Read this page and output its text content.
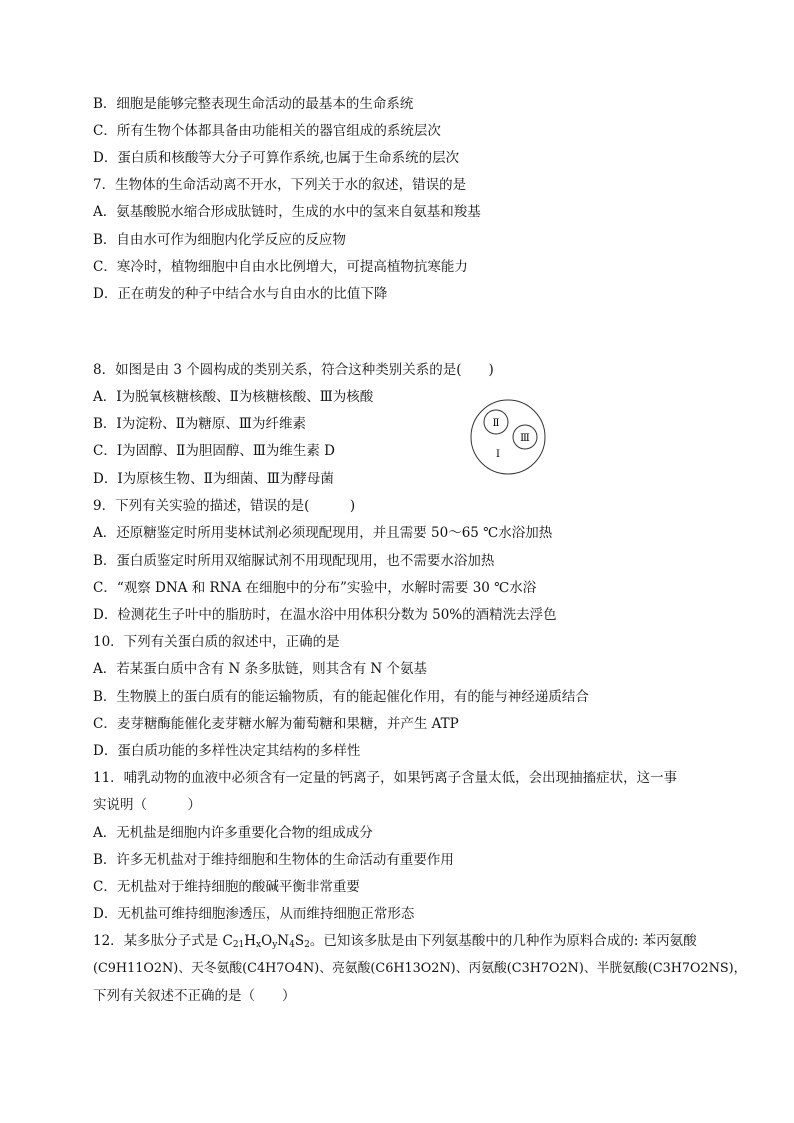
B．细胞是能够完整表现生命活动的最基本的生命系统
C．所有生物个体都具备由功能相关的器官组成的系统层次
D．蛋白质和核酸等大分子可算作系统,也属于生命系统的层次
7．生物体的生命活动离不开水，下列关于水的叙述，错误的是
A．氨基酸脱水缩合形成肽链时，生成的水中的氢来自氨基和羧基
B．自由水可作为细胞内化学反应的反应物
C．寒冷时，植物细胞中自由水比例增大，可提高植物抗寒能力
D．正在萌发的种子中结合水与自由水的比值下降
8．如图是由 3 个圆构成的类别关系，符合这种类别关系的是(　　)
A．Ⅰ为脱氧核糖核酸、Ⅱ为核糖核酸、Ⅲ为核酸
B．Ⅰ为淀粉、Ⅱ为糖原、Ⅲ为纤维素
C．Ⅰ为固醇、Ⅱ为胆固醇、Ⅲ为维生素 D
D．Ⅰ为原核生物、Ⅱ为细菌、Ⅲ为酵母菌
Ⅱ
Ⅲ
Ⅰ
9．下列有关实验的描述，错误的是(　　　)
A．还原糖鉴定时所用斐林试剂必须现配现用，并且需要 50～65 ℃水浴加热
B．蛋白质鉴定时所用双缩脲试剂不用现配现用，也不需要水浴加热
C．“观察 DNA 和 RNA 在细胞中的分布”实验中，水解时需要 30 ℃水浴
D．检测花生子叶中的脂肪时，在温水浴中用体积分数为 50%的酒精洗去浮色
10．下列有关蛋白质的叙述中，正确的是
A．若某蛋白质中含有 N 条多肽链，则其含有 N 个氨基
B．生物膜上的蛋白质有的能运输物质，有的能起催化作用，有的能与神经递质结合
C．麦芽糖酶能催化麦芽糖水解为葡萄糖和果糖，并产生 ATP
D．蛋白质功能的多样性决定其结构的多样性
11．哺乳动物的血液中必须含有一定量的钙离子，如果钙离子含量太低，会出现抽搐症状，这一事
实说明（　　　）
A．无机盐是细胞内许多重要化合物的组成成分
B．许多无机盐对于维持细胞和生物体的生命活动有重要作用
C．无机盐对于维持细胞的酸碱平衡非常重要
D．无机盐可维持细胞渗透压，从而维持细胞正常形态
12．某多肽分子式是 $C_{21}H_xO_yN_4S_2$。已知该多肽是由下列氨基酸中的几种作为原料合成的: 苯丙氨酸
(C9H11O2N)、天冬氨酸(C4H7O4N)、亮氨酸(C6H13O2N)、丙氨酸(C3H7O2N)、半胱氨酸(C3H7O2NS)，
下列有关叙述不正确的是（　　）
